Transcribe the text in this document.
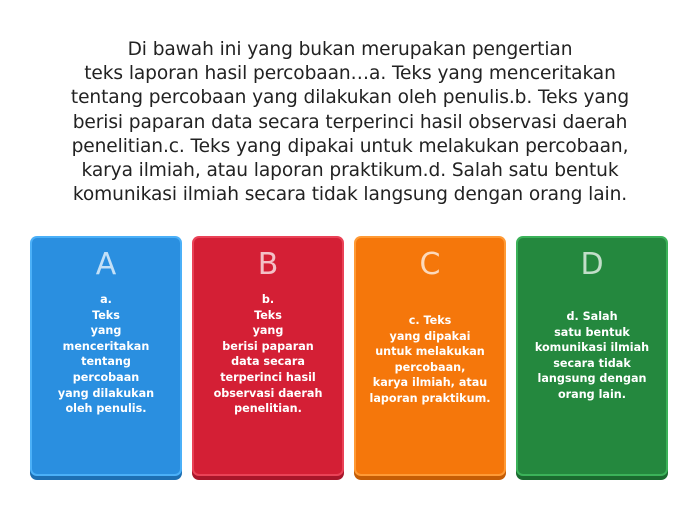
Di bawah ini yang bukan merupakan pengertian
teks laporan hasil percobaan…a. Teks yang menceritakan
tentang percobaan yang dilakukan oleh penulis.b. Teks yang
berisi paparan data secara terperinci hasil observasi daerah
penelitian.c. Teks yang dipakai untuk melakukan percobaan,
karya ilmiah, atau laporan praktikum.d. Salah satu bentuk
komunikasi ilmiah secara tidak langsung dengan orang lain.
A
a.
Teks
yang
menceritakan
tentang
percobaan
yang dilakukan
oleh penulis.
B
b.
Teks
yang
berisi paparan
data secara
terperinci hasil
observasi daerah
penelitian.
C
c. Teks
yang dipakai
untuk melakukan
percobaan,
karya ilmiah, atau
laporan praktikum.
D
d. Salah
satu bentuk
komunikasi ilmiah
secara tidak
langsung dengan
orang lain.
